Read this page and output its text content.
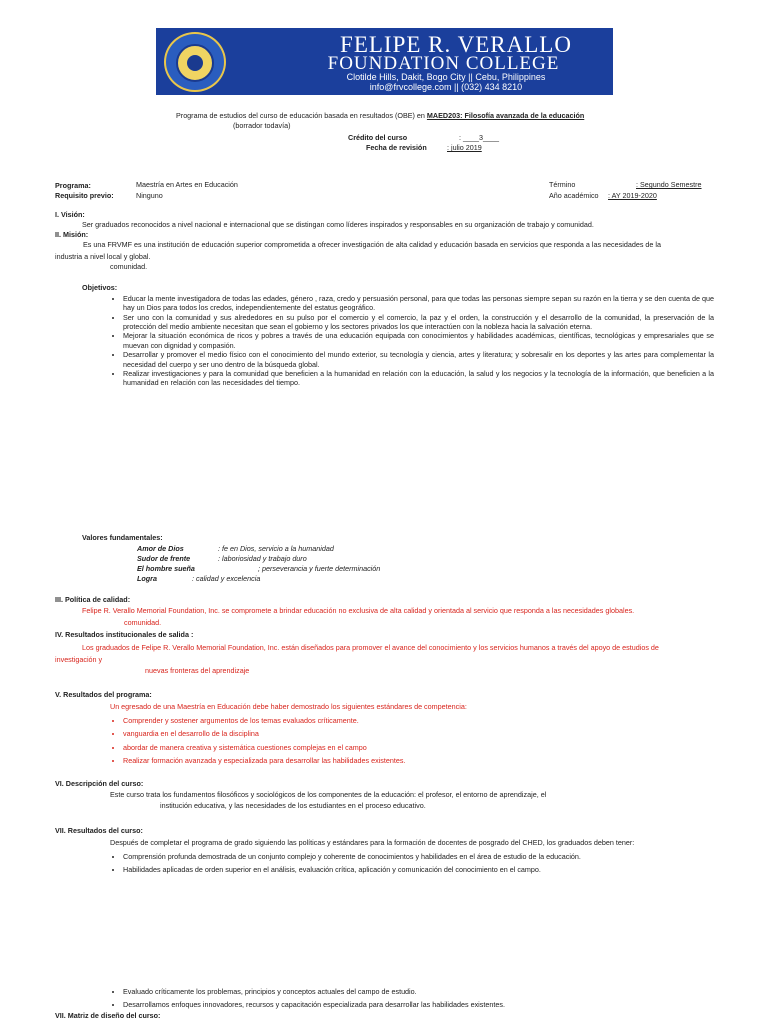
FELIPE R. VERALLO
FOUNDATION COLLEGE
Clotilde Hills, Dakit, Bogo City || Cebu, Philippines
info@frvcollege.com || (032) 434 8210
Programa de estudios del curso de educación basada en resultados (OBE) en MAED203: Filosofía avanzada de la educación
(borrador todavía)
Crédito del curso	: ____3____
Fecha de revisión	: julio 2019
Programa:	Maestría en Artes en Educación
Requisito previo:	Ninguno
Término	: Segundo Semestre
Año académico : AY 2019-2020
I. Visión:
Ser graduados reconocidos a nivel nacional e internacional que se distingan como líderes inspirados y responsables en su organización de trabajo y comunidad.
II. Misión:
Es una FRVMF es una institución de educación superior comprometida a ofrecer investigación de alta calidad y educación basada en servicios que responda a las necesidades de la
industria a nivel local y global.
comunidad.
Objetivos:
• Educar la mente investigadora de todas las edades, género , raza, credo y persuasión personal, para que todas las personas siempre sepan su razón en la tierra y se den cuenta de que hay un Dios para todos los credos, independientemente del estatus geográfico.
• Ser uno con la comunidad y sus alrededores en su pulso por el comercio y el comercio, la paz y el orden, la construcción y el desarrollo de la comunidad, la preservación de la protección del medio ambiente necesitan que sean el gobierno y los sectores privados los que interactúen con la nobleza hacia la salvación eterna.
• Mejorar la situación económica de ricos y pobres a través de una educación equipada con conocimientos y habilidades académicas, científicas, tecnológicas y empresariales que se muevan con dignidad y compasión.
• Desarrollar y promover el medio físico con el conocimiento del mundo exterior, su tecnología y ciencia, artes y literatura; y sobresalir en los deportes y las artes para complementar la necesidad del cuerpo y ser uno dentro de la búsqueda global.
• Realizar investigaciones y para la comunidad que beneficien a la humanidad en relación con la educación, la salud y los negocios y la tecnología de la información, que beneficien a la humanidad en relación con las necesidades del tiempo.
Valores fundamentales:
Amor de Dios	: fe en Dios, servicio a la humanidad
Sudor de frente	: laboriosidad y trabajo duro
El hombre sueña	; perseverancia y fuerte determinación
Logra	: calidad y excelencia
III. Política de calidad:
Felipe R. Verallo Memorial Foundation, Inc. se compromete a brindar educación no exclusiva de alta calidad y orientada al servicio que responda a las necesidades globales.
comunidad.
IV. Resultados institucionales de salida :
Los graduados de Felipe R. Verallo Memorial Foundation, Inc. están diseñados para promover el avance del conocimiento y los servicios humanos a través del apoyo de estudios de
investigación y
nuevas fronteras del aprendizaje
V. Resultados del programa:
Un egresado de una Maestría en Educación debe haber demostrado los siguientes estándares de competencia:
• Comprender y sostener argumentos de los temas evaluados críticamente.
• vanguardia en el desarrollo de la disciplina
• abordar de manera creativa y sistemática cuestiones complejas en el campo
• Realizar formación avanzada y especializada para desarrollar las habilidades existentes.
VI. Descripción del curso:
Este curso trata los fundamentos filosóficos y sociológicos de los componentes de la educación: el profesor, el entorno de aprendizaje, el
institución educativa, y las necesidades de los estudiantes en el proceso educativo.
VII. Resultados del curso:
Después de completar el programa de grado siguiendo las políticas y estándares para la formación de docentes de posgrado del CHED, los graduados deben tener:
• Comprensión profunda demostrada de un conjunto complejo y coherente de conocimientos y habilidades en el área de estudio de la educación.
• Habilidades aplicadas de orden superior en el análisis, evaluación crítica, aplicación y comunicación del conocimiento en el campo.
• Evaluado críticamente los problemas, principios y conceptos actuales del campo de estudio.
• Desarrollamos enfoques innovadores, recursos y capacitación especializada para desarrollar las habilidades existentes.
VII. Matriz de diseño del curso:
